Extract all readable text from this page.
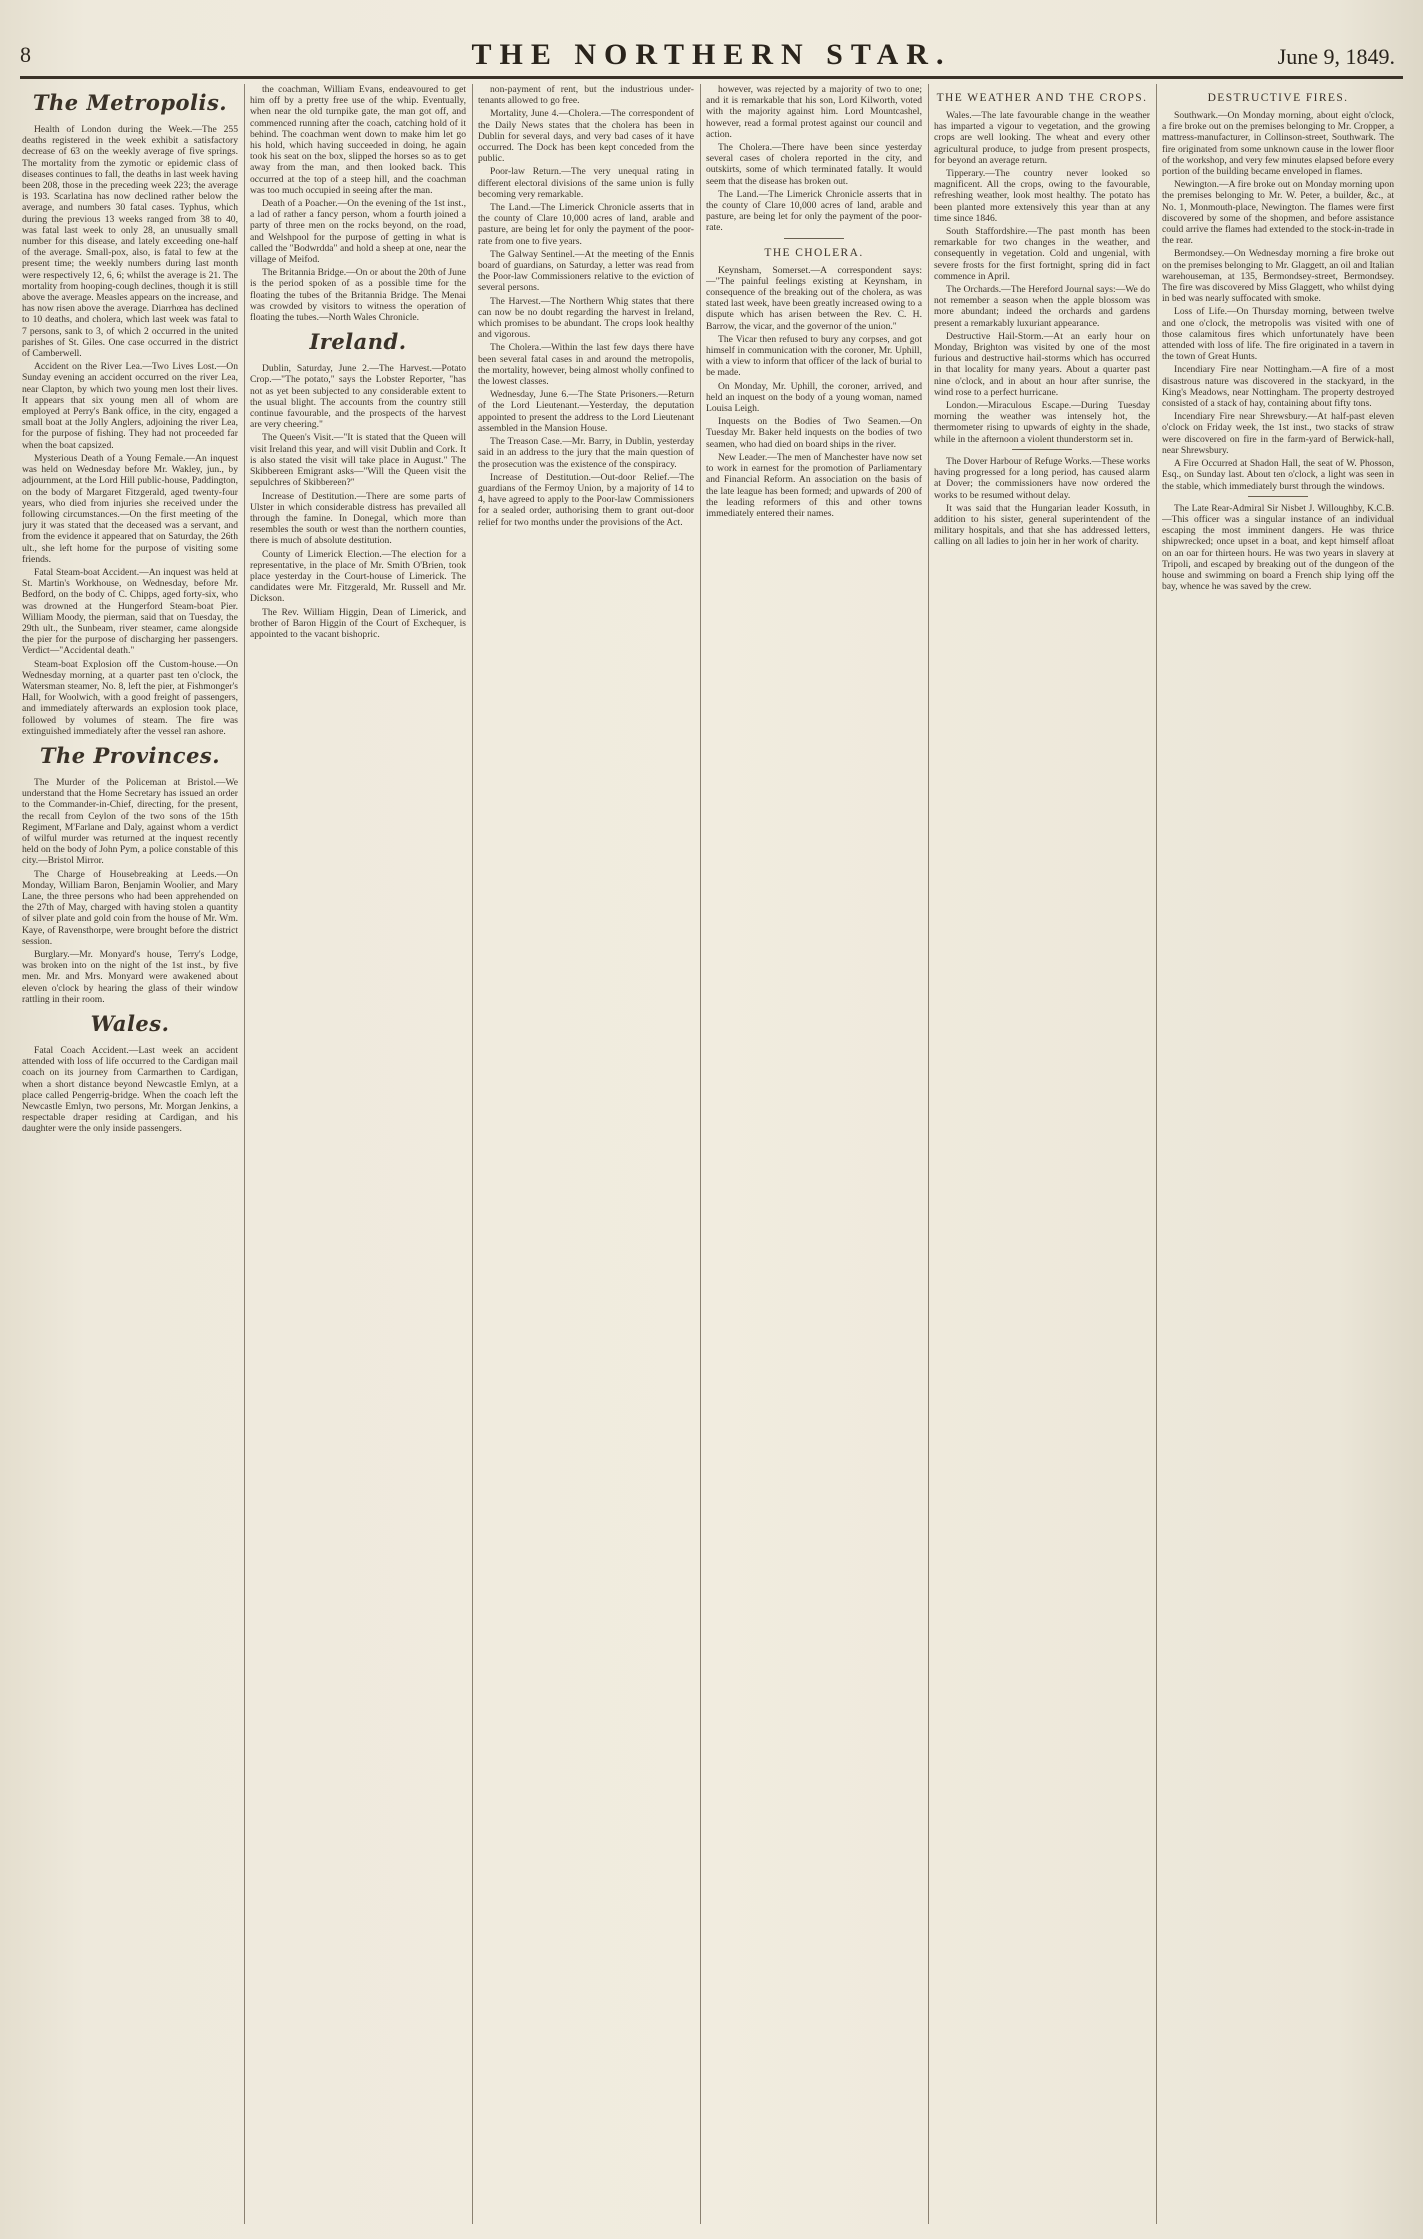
8	THE NORTHERN STAR.	June 9, 1849.
The Metropolis.
Health of London during the Week.—The 255 deaths registered in the week exhibit a satisfactory decrease of 63 on the weekly average of five springs. The mortality from the zymotic or epidemic class of diseases continues to fall, the deaths in last week having been 208, those in the preceding week 223; the average is 193. Scarlatina has now declined rather below the average, and numbers 30 fatal cases. Typhus, which during the previous 13 weeks ranged from 38 to 40, was fatal last week to only 28, an unusually small number for this disease, and lately exceeding one-half of the average. Small-pox, also, is fatal to few at the present time; the weekly numbers during last month were respectively 12, 6, 6; whilst the average is 21. The mortality from hooping-cough declines, though it is still above the average. Measles appears on the increase, and has now risen above the average. Diarrhœa has declined to 10 deaths, and cholera, which last week was fatal to 7 persons, sank to 3, of which 2 occurred in the united parishes of St. Giles. One case occurred in the district of Camberwell.
Accident on the River Lea.—Two Lives Lost.—On Sunday evening an accident occurred on the river Lea, near Clapton, by which two young men lost their lives. It appears that six young men all of whom are employed at Perry's Bank office, in the city, engaged a small boat at the Jolly Anglers, adjoining the river Lea, for the purpose of fishing. They had not proceeded far when the boat capsized.
Mysterious Death of a Young Female.—An inquest was held on Wednesday before Mr. Wakley, jun., by adjournment, at the Lord Hill public-house, Paddington, on the body of Margaret Fitzgerald, aged twenty-four years, who died from injuries she received under the following circumstances.—On the first meeting of the jury it was stated that the deceased was a servant, and from the evidence it appeared that on Saturday, the 26th ult., she left home for the purpose of visiting some friends.
Fatal Steam-boat Accident.—An inquest was held at St. Martin's Workhouse, on Wednesday, before Mr. Bedford, on the body of C. Chipps, aged forty-six, who was drowned at the Hungerford Steam-boat Pier. William Moody, the pierman, said that on Tuesday, the 29th ult., the Sunbeam, river steamer, came alongside the pier for the purpose of discharging her passengers. Verdict—"Accidental death."
Steam-boat Explosion off the Custom-house.—On Wednesday morning, at a quarter past ten o'clock, the Watersman steamer, No. 8, left the pier, at Fishmonger's Hall, for Woolwich, with a good freight of passengers, and immediately afterwards an explosion took place, followed by volumes of steam. The fire was extinguished immediately after the vessel ran ashore.
The Provinces.
The Murder of the Policeman at Bristol.—We understand that the Home Secretary has issued an order to the Commander-in-Chief, directing, for the present, the recall from Ceylon of the two sons of the 15th Regiment, M'Farlane and Daly, against whom a verdict of wilful murder was returned at the inquest recently held on the body of John Pym, a police constable of this city.—Bristol Mirror.
The Charge of Housebreaking at Leeds.—On Monday, William Baron, Benjamin Woolier, and Mary Lane, the three persons who had been apprehended on the 27th of May, charged with having stolen a quantity of silver plate and gold coin from the house of Mr. Wm. Kaye, of Ravensthorpe, were brought before the district session.
Burglary.—Mr. Monyard's house, Terry's Lodge, was broken into on the night of the 1st inst., by five men. Mr. and Mrs. Monyard were awakened about eleven o'clock by hearing the glass of their window rattling in their room.
Wales.
Fatal Coach Accident.—Last week an accident attended with loss of life occurred to the Cardigan mail coach on its journey from Carmarthen to Cardigan, when a short distance beyond Newcastle Emlyn, at a place called Pengerrig-bridge. When the coach left the Newcastle Emlyn, two persons, Mr. Morgan Jenkins, a respectable draper residing at Cardigan, and his daughter were the only inside passengers.
the coachman, William Evans, endeavoured to get him off by a pretty free use of the whip. Eventually, when near the old turnpike gate, the man got off, and commenced running after the coach, catching hold of it behind. The coachman went down to make him let go his hold, which having succeeded in doing, he again took his seat on the box, slipped the horses so as to get away from the man, and then looked back. This occurred at the top of a steep hill, and the coachman was too much occupied in seeing after the man.
Death of a Poacher.—On the evening of the 1st inst., a lad of rather a fancy person, whom a fourth joined a party of three men on the rocks beyond, on the road, and Welshpool for the purpose of getting in what is called the "Bodwrdda" and hold a sheep at one, near the village of Meifod.
The Britannia Bridge.—On or about the 20th of June is the period spoken of as a possible time for the floating the tubes of the Britannia Bridge. The Menai was crowded by visitors to witness the operation of floating the tubes.—North Wales Chronicle.
Ireland.
Dublin, Saturday, June 2.—The Harvest.—Potato Crop.—"The potato," says the Lobster Reporter, "has not as yet been subjected to any considerable extent to the usual blight. The accounts from the country still continue favourable, and the prospects of the harvest are very cheering."
The Queen's Visit.—"It is stated that the Queen will visit Ireland this year, and will visit Dublin and Cork. It is also stated the visit will take place in August." The Skibbereen Emigrant asks—"Will the Queen visit the sepulchres of Skibbereen?"
Increase of Destitution.—There are some parts of Ulster in which considerable distress has prevailed all through the famine. In Donegal, which more than resembles the south or west than the northern counties, there is much of absolute destitution.
County of Limerick Election.—The election for a representative, in the place of Mr. Smith O'Brien, took place yesterday in the Court-house of Limerick. The candidates were Mr. Fitzgerald, Mr. Russell and Mr. Dickson.
The Rev. William Higgin, Dean of Limerick, and brother of Baron Higgin of the Court of Exchequer, is appointed to the vacant bishopric.
non-payment of rent, but the industrious under-tenants allowed to go free.
Mortality, June 4.—Cholera.—The correspondent of the Daily News states that the cholera has been in Dublin for several days, and very bad cases of it have occurred. The Dock has been kept conceded from the public.
Poor-law Return.—The very unequal rating in different electoral divisions of the same union is fully becoming very remarkable.
The Land.—The Limerick Chronicle asserts that in the county of Clare 10,000 acres of land, arable and pasture, are being let for only the payment of the poor-rate from one to five years.
The Galway Sentinel.—At the meeting of the Ennis board of guardians, on Saturday, a letter was read from the Poor-law Commissioners relative to the eviction of several persons.
The Harvest.—The Northern Whig states that there can now be no doubt regarding the harvest in Ireland, which promises to be abundant. The crops look healthy and vigorous.
The Cholera.—Within the last few days there have been several fatal cases in and around the metropolis, the mortality, however, being almost wholly confined to the lowest classes.
Wednesday, June 6.—The State Prisoners.—Return of the Lord Lieutenant.—Yesterday, the deputation appointed to present the address to the Lord Lieutenant assembled in the Mansion House.
The Treason Case.—Mr. Barry, in Dublin, yesterday said in an address to the jury that the main question of the prosecution was the existence of the conspiracy.
Increase of Destitution.—Out-door Relief.—The guardians of the Fermoy Union, by a majority of 14 to 4, have agreed to apply to the Poor-law Commissioners for a sealed order, authorising them to grant out-door relief for two months under the provisions of the Act.
however, was rejected by a majority of two to one; and it is remarkable that his son, Lord Kilworth, voted with the majority against him. Lord Mountcashel, however, read a formal protest against our council and action.
The Cholera.—There have been since yesterday several cases of cholera reported in the city, and outskirts, some of which terminated fatally. It would seem that the disease has broken out.
The Land.—The Limerick Chronicle asserts that in the county of Clare 10,000 acres of land, arable and pasture, are being let for only the payment of the poor-rate.
THE CHOLERA.
Keynsham, Somerset.—A correspondent says:—"The painful feelings existing at Keynsham, in consequence of the breaking out of the cholera, as was stated last week, have been greatly increased owing to a dispute which has arisen between the Rev. C. H. Barrow, the vicar, and the governor of the union."
The Vicar then refused to bury any corpses, and got himself in communication with the coroner, Mr. Uphill, with a view to inform that officer of the lack of burial to be made.
On Monday, Mr. Uphill, the coroner, arrived, and held an inquest on the body of a young woman, named Louisa Leigh.
Inquests on the Bodies of Two Seamen.—On Tuesday Mr. Baker held inquests on the bodies of two seamen, who had died on board ships in the river.
New Leader.—The men of Manchester have now set to work in earnest for the promotion of Parliamentary and Financial Reform. An association on the basis of the late league has been formed; and upwards of 200 of the leading reformers of this and other towns immediately entered their names.
THE WEATHER AND THE CROPS.
Wales.—The late favourable change in the weather has imparted a vigour to vegetation, and the growing crops are well looking. The wheat and every other agricultural produce, to judge from present prospects, for beyond an average return.
Tipperary.—The country never looked so magnificent. All the crops, owing to the favourable, refreshing weather, look most healthy. The potato has been planted more extensively this year than at any time since 1846.
South Staffordshire.—The past month has been remarkable for two changes in the weather, and consequently in vegetation. Cold and ungenial, with severe frosts for the first fortnight, spring did in fact commence in April.
The Orchards.—The Hereford Journal says:—We do not remember a season when the apple blossom was more abundant; indeed the orchards and gardens present a remarkably luxuriant appearance.
Destructive Hail-Storm.—At an early hour on Monday, Brighton was visited by one of the most furious and destructive hail-storms which has occurred in that locality for many years. About a quarter past nine o'clock, and in about an hour after sunrise, the wind rose to a perfect hurricane.
London.—Miraculous Escape.—During Tuesday morning the weather was intensely hot, the thermometer rising to upwards of eighty in the shade, while in the afternoon a violent thunderstorm set in.
The Dover Harbour of Refuge Works.—These works having progressed for a long period, has caused alarm at Dover; the commissioners have now ordered the works to be resumed without delay.
It was said that the Hungarian leader Kossuth, in addition to his sister, general superintendent of the military hospitals, and that she has addressed letters, calling on all ladies to join her in her work of charity.
DESTRUCTIVE FIRES.
Southwark.—On Monday morning, about eight o'clock, a fire broke out on the premises belonging to Mr. Cropper, a mattress-manufacturer, in Collinson-street, Southwark. The fire originated from some unknown cause in the lower floor of the workshop, and very few minutes elapsed before every portion of the building became enveloped in flames.
Newington.—A fire broke out on Monday morning upon the premises belonging to Mr. W. Peter, a builder, &c., at No. 1, Monmouth-place, Newington. The flames were first discovered by some of the shopmen, and before assistance could arrive the flames had extended to the stock-in-trade in the rear.
Bermondsey.—On Wednesday morning a fire broke out on the premises belonging to Mr. Glaggett, an oil and Italian warehouseman, at 135, Bermondsey-street, Bermondsey. The fire was discovered by Miss Glaggett, who whilst dying in bed was nearly suffocated with smoke.
Loss of Life.—On Thursday morning, between twelve and one o'clock, the metropolis was visited with one of those calamitous fires which unfortunately have been attended with loss of life. The fire originated in a tavern in the town of Great Hunts.
Incendiary Fire near Nottingham.—A fire of a most disastrous nature was discovered in the stackyard, in the King's Meadows, near Nottingham. The property destroyed consisted of a stack of hay, containing about fifty tons.
Incendiary Fire near Shrewsbury.—At half-past eleven o'clock on Friday week, the 1st inst., two stacks of straw were discovered on fire in the farm-yard of Berwick-hall, near Shrewsbury.
A Fire Occurred at Shadon Hall, the seat of W. Phosson, Esq., on Sunday last. About ten o'clock, a light was seen in the stable, which immediately burst through the windows.
The Late Rear-Admiral Sir Nisbet J. Willoughby, K.C.B.—This officer was a singular instance of an individual escaping the most imminent dangers. He was thrice shipwrecked; once upset in a boat, and kept himself afloat on an oar for thirteen hours. He was two years in slavery at Tripoli, and escaped by breaking out of the dungeon of the house and swimming on board a French ship lying off the bay, whence he was saved by the crew.
